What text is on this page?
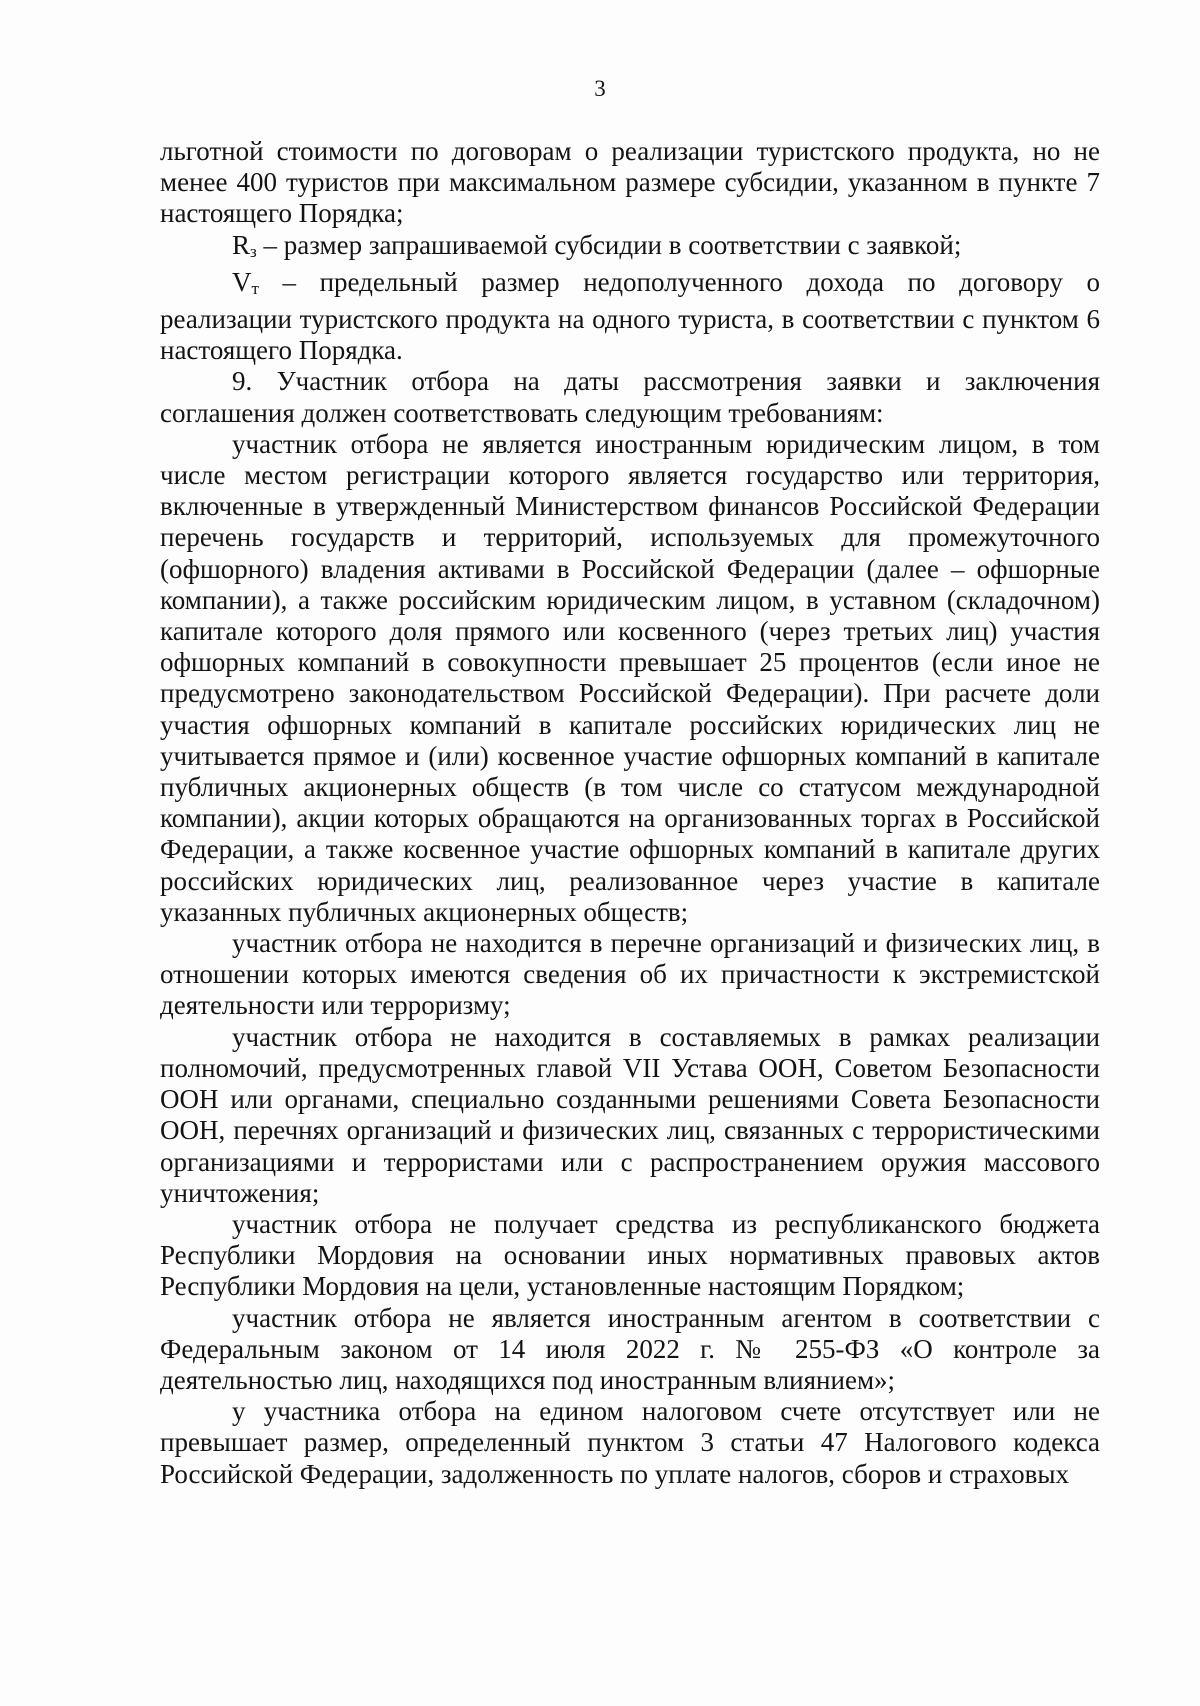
3

льготной стоимости по договорам о реализации туристского продукта, но не менее 400 туристов при максимальном размере субсидии, указанном в пункте 7 настоящего Порядка;

Rз – размер запрашиваемой субсидии в соответствии с заявкой;

Vт – предельный размер недополученного дохода по договору о реализации туристского продукта на одного туриста, в соответствии с пунктом 6 настоящего Порядка.

9. Участник отбора на даты рассмотрения заявки и заключения соглашения должен соответствовать следующим требованиям:

участник отбора не является иностранным юридическим лицом, в том числе местом регистрации которого является государство или территория, включенные в утвержденный Министерством финансов Российской Федерации перечень государств и территорий, используемых для промежуточного (офшорного) владения активами в Российской Федерации (далее – офшорные компании), а также российским юридическим лицом, в уставном (складочном) капитале которого доля прямого или косвенного (через третьих лиц) участия офшорных компаний в совокупности превышает 25 процентов (если иное не предусмотрено законодательством Российской Федерации). При расчете доли участия офшорных компаний в капитале российских юридических лиц не учитывается прямое и (или) косвенное участие офшорных компаний в капитале публичных акционерных обществ (в том числе со статусом международной компании), акции которых обращаются на организованных торгах в Российской Федерации, а также косвенное участие офшорных компаний в капитале других российских юридических лиц, реализованное через участие в капитале указанных публичных акционерных обществ;

участник отбора не находится в перечне организаций и физических лиц, в отношении которых имеются сведения об их причастности к экстремистской деятельности или терроризму;

участник отбора не находится в составляемых в рамках реализации полномочий, предусмотренных главой VII Устава ООН, Советом Безопасности ООН или органами, специально созданными решениями Совета Безопасности ООН, перечнях организаций и физических лиц, связанных с террористическими организациями и террористами или с распространением оружия массового уничтожения;

участник отбора не получает средства из республиканского бюджета Республики Мордовия на основании иных нормативных правовых актов Республики Мордовия на цели, установленные настоящим Порядком;

участник отбора не является иностранным агентом в соответствии с Федеральным законом от 14 июля 2022 г. № 255-ФЗ «О контроле за деятельностью лиц, находящихся под иностранным влиянием»;

у участника отбора на едином налоговом счете отсутствует или не превышает размер, определенный пунктом 3 статьи 47 Налогового кодекса Российской Федерации, задолженность по уплате налогов, сборов и страховых
